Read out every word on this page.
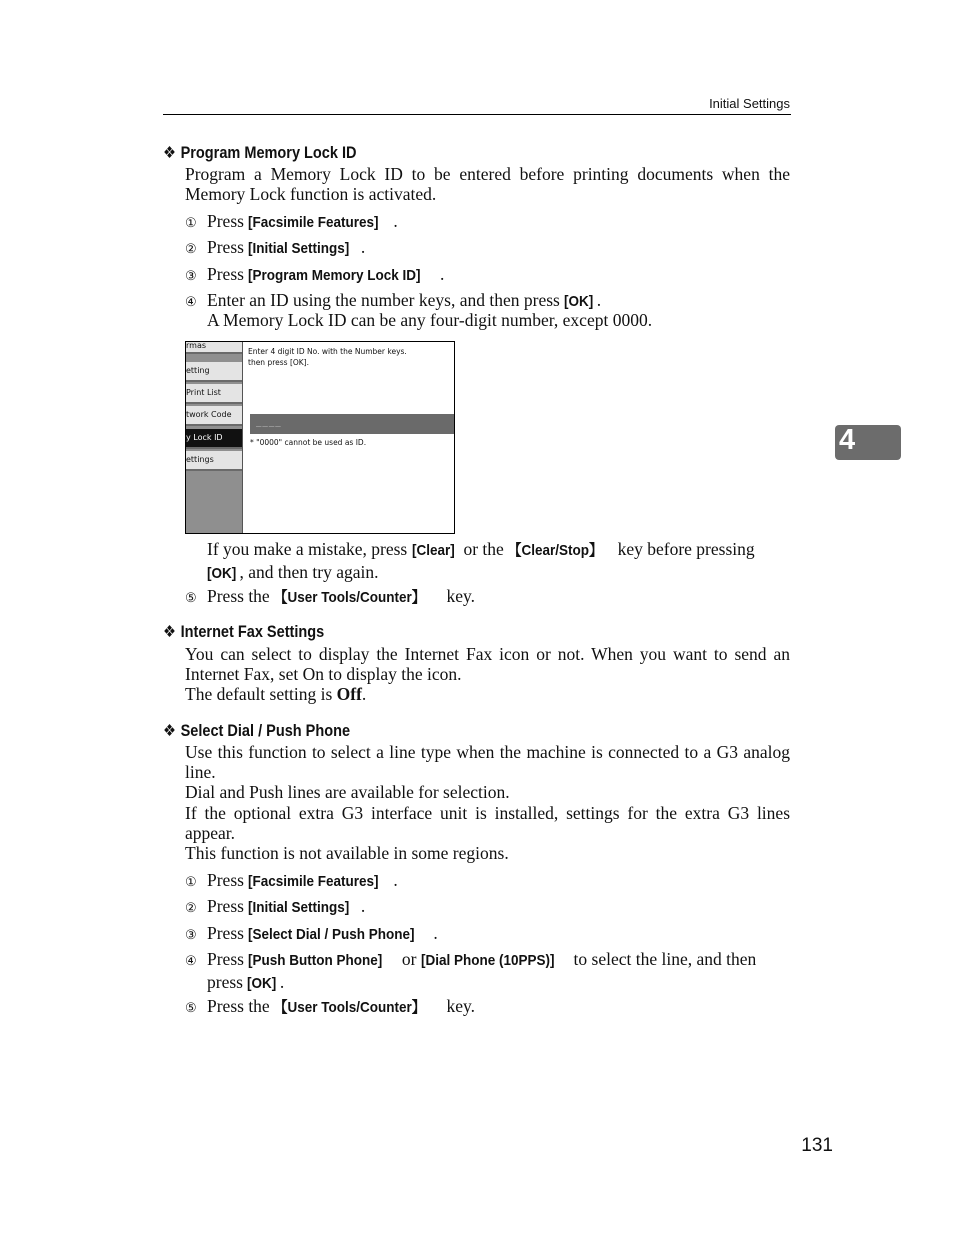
Initial Settings
❖ Program Memory Lock ID
Program a Memory Lock ID to be entered before printing documents when the Memory Lock function is activated.
① Press [Facsimile Features] .
② Press [Initial Settings] .
③ Press [Program Memory Lock ID] .
④ Enter an ID using the number keys, and then press [OK] .
A Memory Lock ID can be any four-digit number, except 0000.
rmas
etting
Print List
twork Code
y Lock ID
ettings
Enter 4 digit ID No. with the Number keys.
then press [OK].
____
* "0000" cannot be used as ID.
If you make a mistake, press [Clear] or the 【Clear/Stop】 key before pressing
[OK] , and then try again.
⑤ Press the 【User Tools/Counter】 key.
❖ Internet Fax Settings

You can select to display the Internet Fax icon or not. When you want to send an Internet Fax, set On to display the icon.

The default setting is Off.

❖ Select Dial / Push Phone

Use this function to select a line type when the machine is connected to a G3 analog line.

Dial and Push lines are available for selection.

If the optional extra G3 interface unit is installed, settings for the extra G3 lines appear.

This function is not available in some regions.

① Press [Facsimile Features] .
② Press [Initial Settings] .
③ Press [Select Dial / Push Phone] .
④ Press [Push Button Phone] or [Dial Phone (10PPS)] to select the line, and then
press [OK] .
⑤ Press the 【User Tools/Counter】 key.
4
131
